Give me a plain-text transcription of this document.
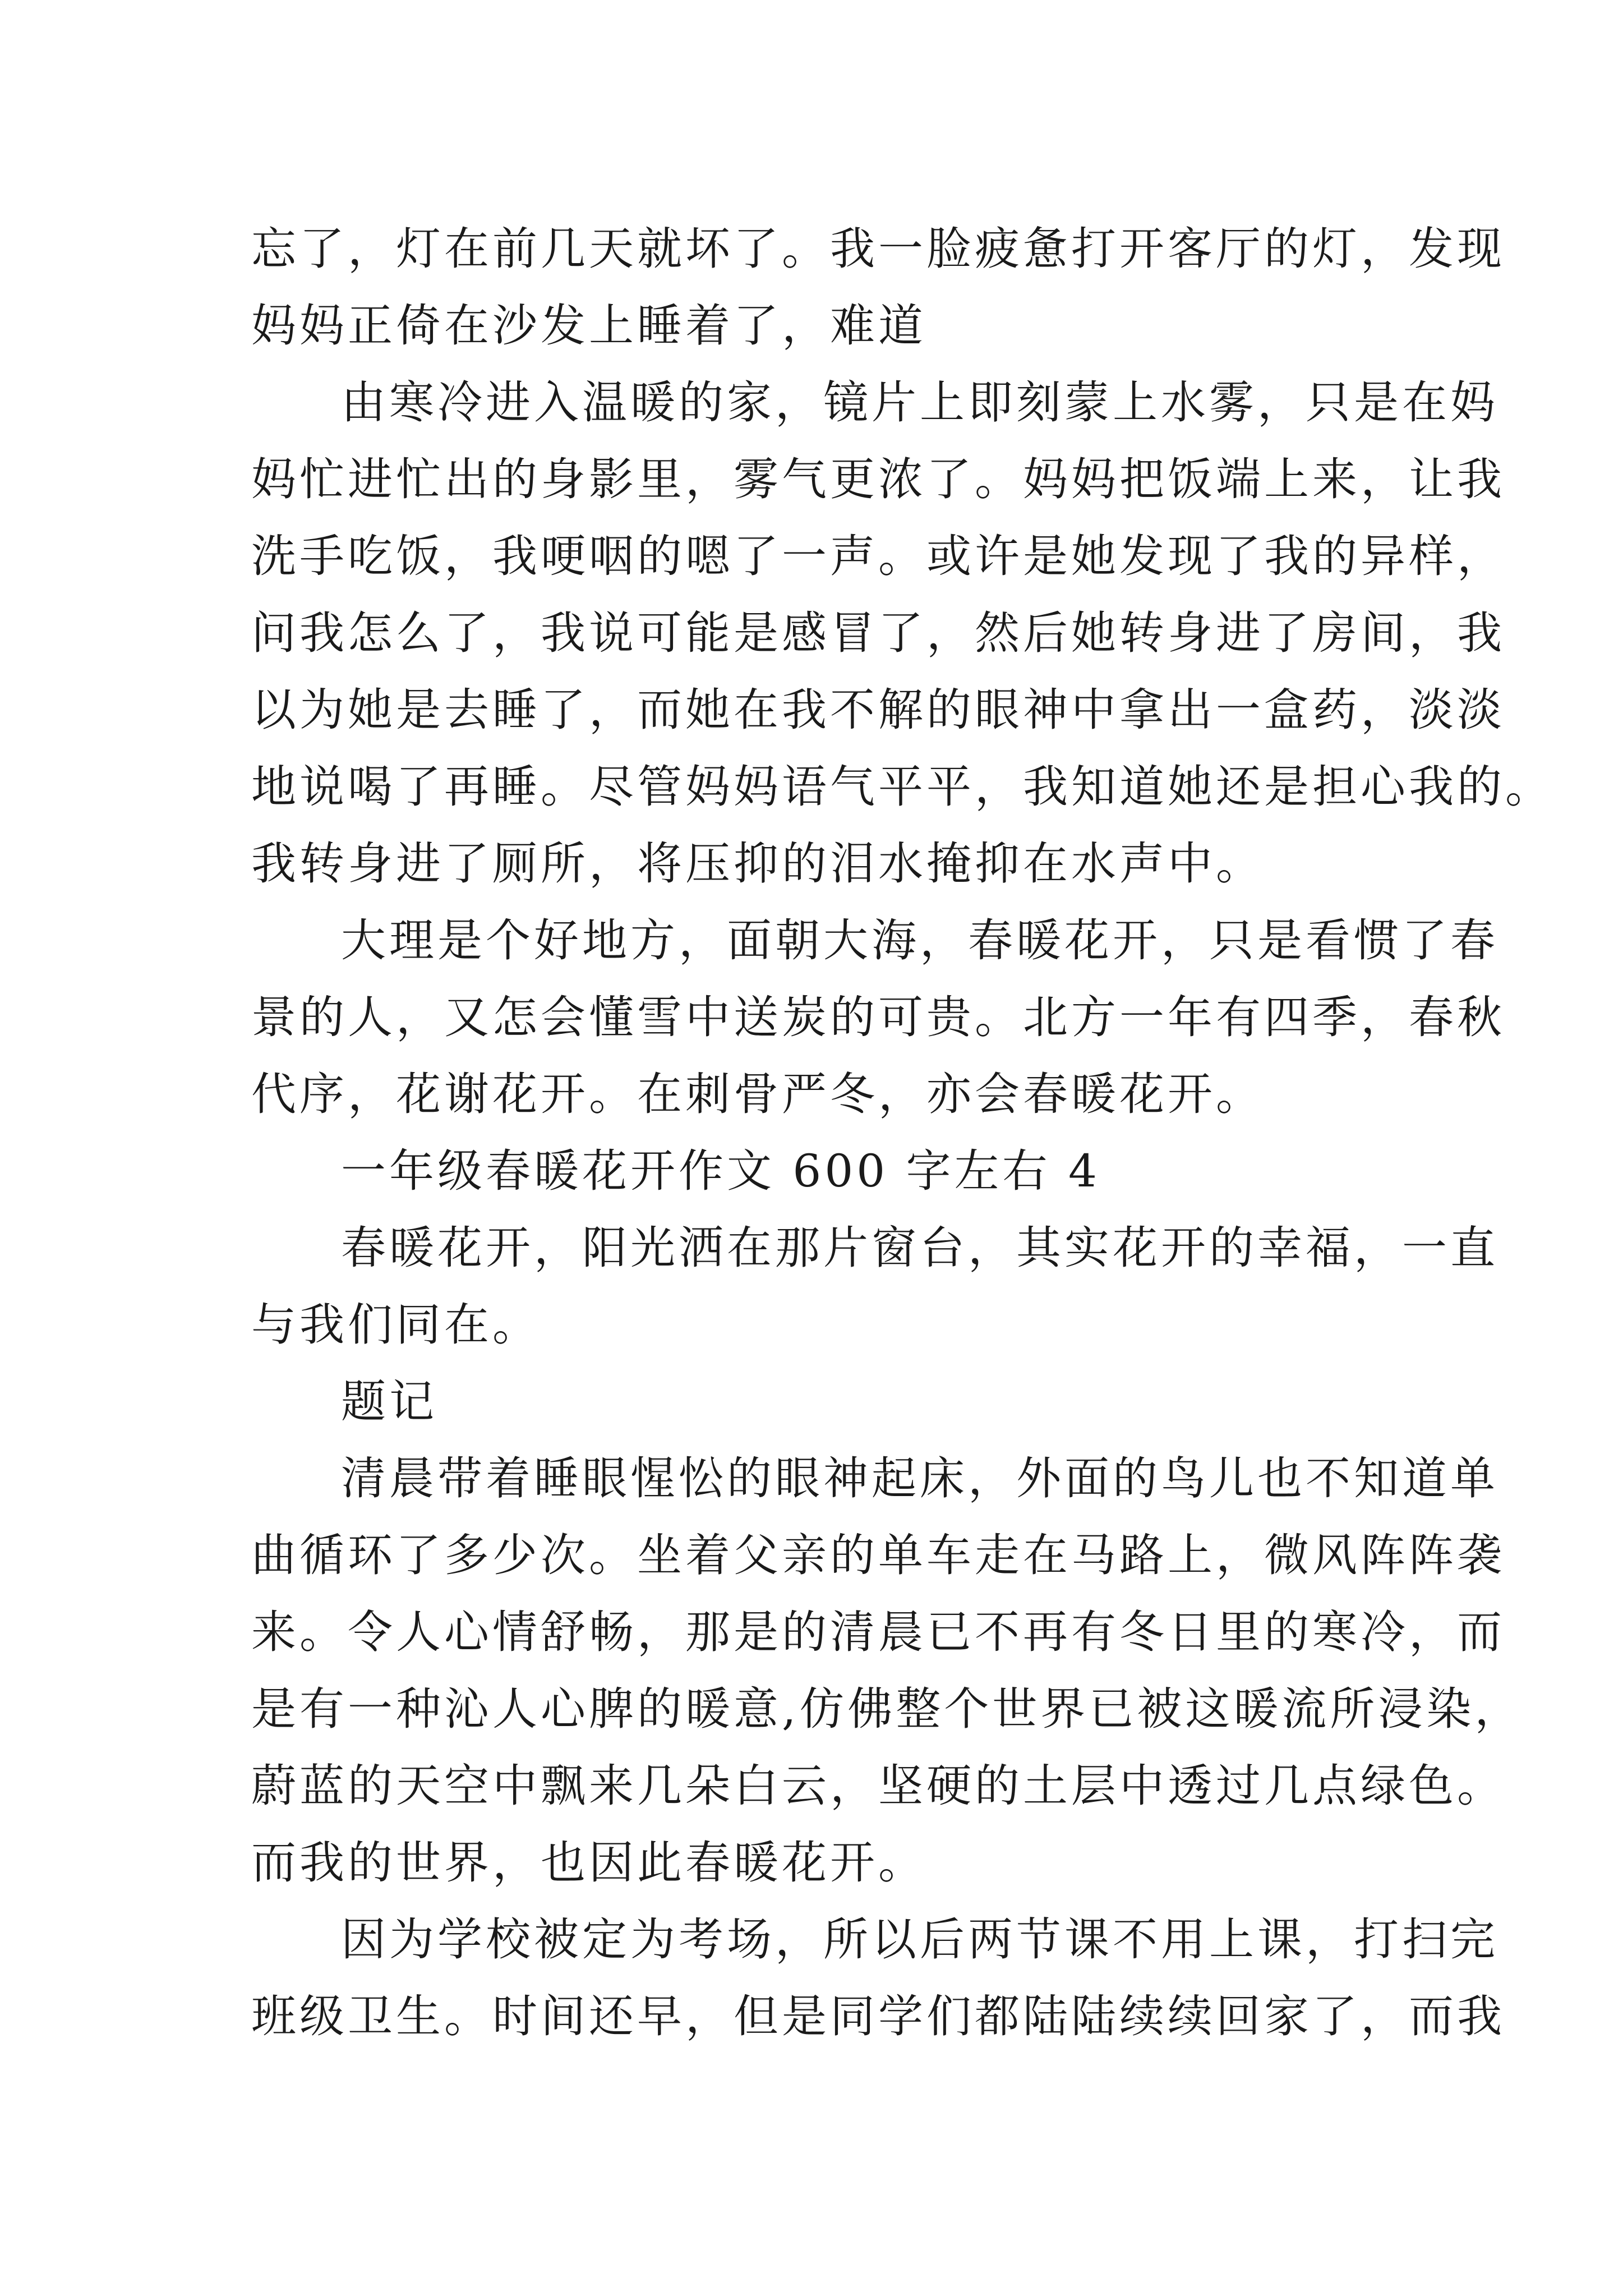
忘了，灯在前几天就坏了。我一脸疲惫打开客厅的灯，发现
妈妈正倚在沙发上睡着了，难道
由寒冷进入温暖的家，镜片上即刻蒙上水雾，只是在妈
妈忙进忙出的身影里，雾气更浓了。妈妈把饭端上来，让我
洗手吃饭，我哽咽的嗯了一声。或许是她发现了我的异样，
问我怎么了，我说可能是感冒了，然后她转身进了房间，我
以为她是去睡了，而她在我不解的眼神中拿出一盒药，淡淡
地说喝了再睡。尽管妈妈语气平平，我知道她还是担心我的。
我转身进了厕所，将压抑的泪水掩抑在水声中。
大理是个好地方，面朝大海，春暖花开，只是看惯了春
景的人，又怎会懂雪中送炭的可贵。北方一年有四季，春秋
代序，花谢花开。在刺骨严冬，亦会春暖花开。
一年级春暖花开作文 600 字左右 4
春暖花开，阳光洒在那片窗台，其实花开的幸福，一直
与我们同在。
题记
清晨带着睡眼惺忪的眼神起床，外面的鸟儿也不知道单
曲循环了多少次。坐着父亲的单车走在马路上，微风阵阵袭
来。令人心情舒畅，那是的清晨已不再有冬日里的寒冷，而
是有一种沁人心脾的暖意,仿佛整个世界已被这暖流所浸染，
蔚蓝的天空中飘来几朵白云，坚硬的土层中透过几点绿色。
而我的世界，也因此春暖花开。
因为学校被定为考场，所以后两节课不用上课，打扫完
班级卫生。时间还早，但是同学们都陆陆续续回家了，而我
